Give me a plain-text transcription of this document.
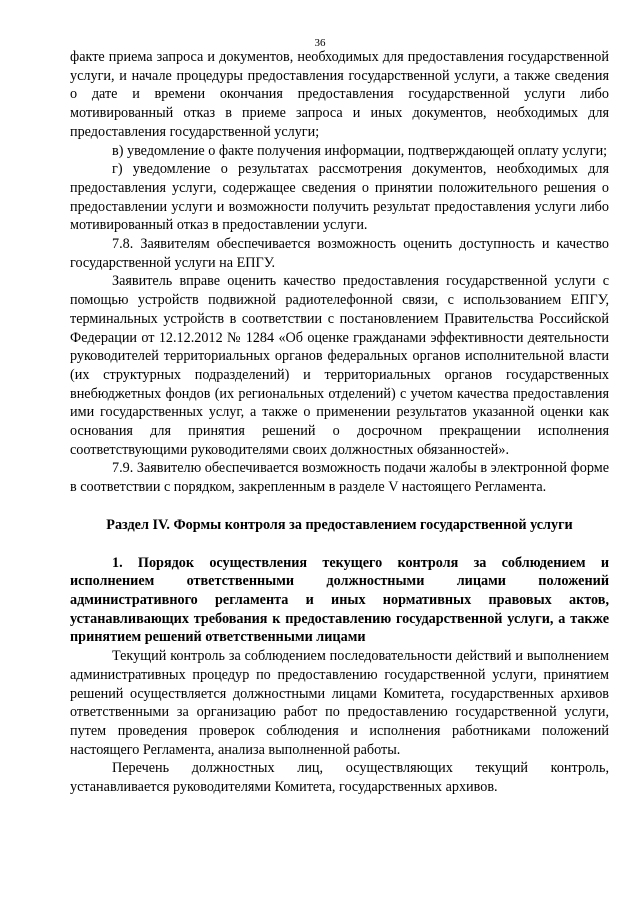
36

факте приема запроса и документов, необходимых для предоставления государственной услуги, и начале процедуры предоставления государственной услуги, а также сведения о дате и времени окончания предоставления государственной услуги либо мотивированный отказ в приеме запроса и иных документов, необходимых для предоставления государственной услуги;

в) уведомление о факте получения информации, подтверждающей оплату услуги;

г) уведомление о результатах рассмотрения документов, необходимых для предоставления услуги, содержащее сведения о принятии положительного решения о предоставлении услуги и возможности получить результат предоставления услуги либо мотивированный отказ в предоставлении услуги.

7.8. Заявителям обеспечивается возможность оценить доступность и качество государственной услуги на ЕПГУ.

Заявитель вправе оценить качество предоставления государственной услуги с помощью устройств подвижной радиотелефонной связи, с использованием ЕПГУ, терминальных устройств в соответствии с постановлением Правительства Российской Федерации от 12.12.2012 № 1284 «Об оценке гражданами эффективности деятельности руководителей территориальных органов федеральных органов исполнительной власти (их структурных подразделений) и территориальных органов государственных внебюджетных фондов (их региональных отделений) с учетом качества предоставления ими государственных услуг, а также о применении результатов указанной оценки как основания для принятия решений о досрочном прекращении исполнения соответствующими руководителями своих должностных обязанностей».

7.9. Заявителю обеспечивается возможность подачи жалобы в электронной форме в соответствии с порядком, закрепленным в разделе V настоящего Регламента.

Раздел IV. Формы контроля за предоставлением государственной услуги

1. Порядок осуществления текущего контроля за соблюдением и исполнением ответственными должностными лицами положений административного регламента и иных нормативных правовых актов, устанавливающих требования к предоставлению государственной услуги, а также принятием решений ответственными лицами

Текущий контроль за соблюдением последовательности действий и выполнением административных процедур по предоставлению государственной услуги, принятием решений осуществляется должностными лицами Комитета, государственных архивов ответственными за организацию работ по предоставлению государственной услуги, путем проведения проверок соблюдения и исполнения работниками положений настоящего Регламента, анализа выполненной работы.

Перечень должностных лиц, осуществляющих текущий контроль, устанавливается руководителями Комитета, государственных архивов.
